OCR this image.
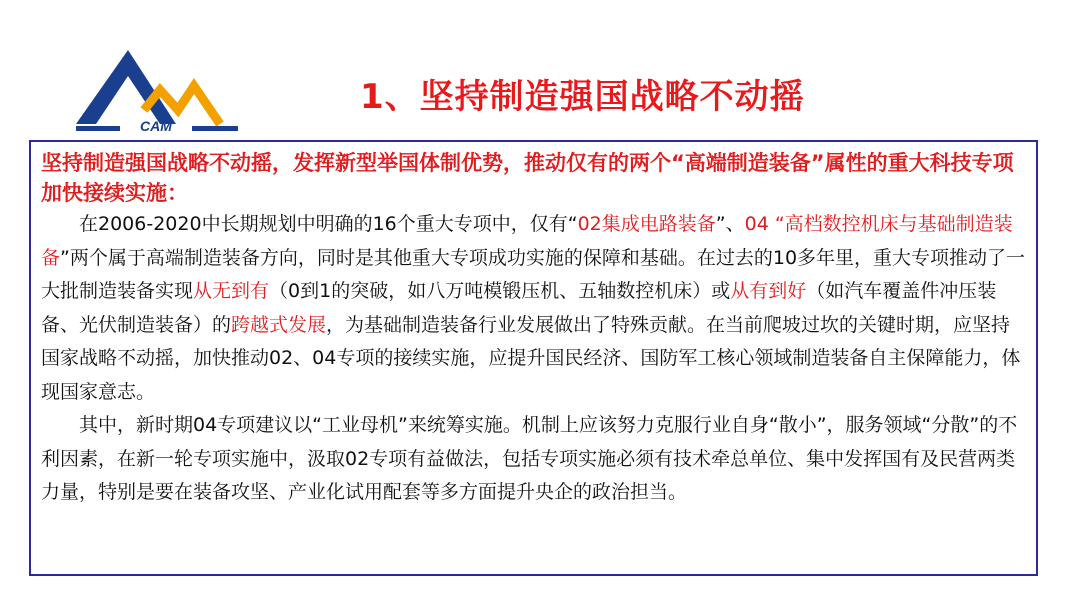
CAM
1、坚持制造强国战略不动摇

坚持制造强国战略不动摇，发挥新型举国体制优势，推动仅有的两个“高端制造装备”属性的重大科技专项加快接续实施：

在2006-2020中长期规划中明确的16个重大专项中，仅有“02集成电路装备”、04 “高档数控机床与基础制造装备”两个属于高端制造装备方向，同时是其他重大专项成功实施的保障和基础。在过去的10多年里，重大专项推动了一大批制造装备实现从无到有（0到1的突破，如八万吨模锻压机、五轴数控机床）或从有到好（如汽车覆盖件冲压装备、光伏制造装备）的跨越式发展，为基础制造装备行业发展做出了特殊贡献。在当前爬坡过坎的关键时期，应坚持国家战略不动摇，加快推动02、04专项的接续实施，应提升国民经济、国防军工核心领域制造装备自主保障能力，体现国家意志。

其中，新时期04专项建议以“工业母机”来统筹实施。机制上应该努力克服行业自身“散小”，服务领域“分散”的不利因素，在新一轮专项实施中，汲取02专项有益做法，包括专项实施必须有技术牵总单位、集中发挥国有及民营两类力量，特别是要在装备攻坚、产业化试用配套等多方面提升央企的政治担当。
